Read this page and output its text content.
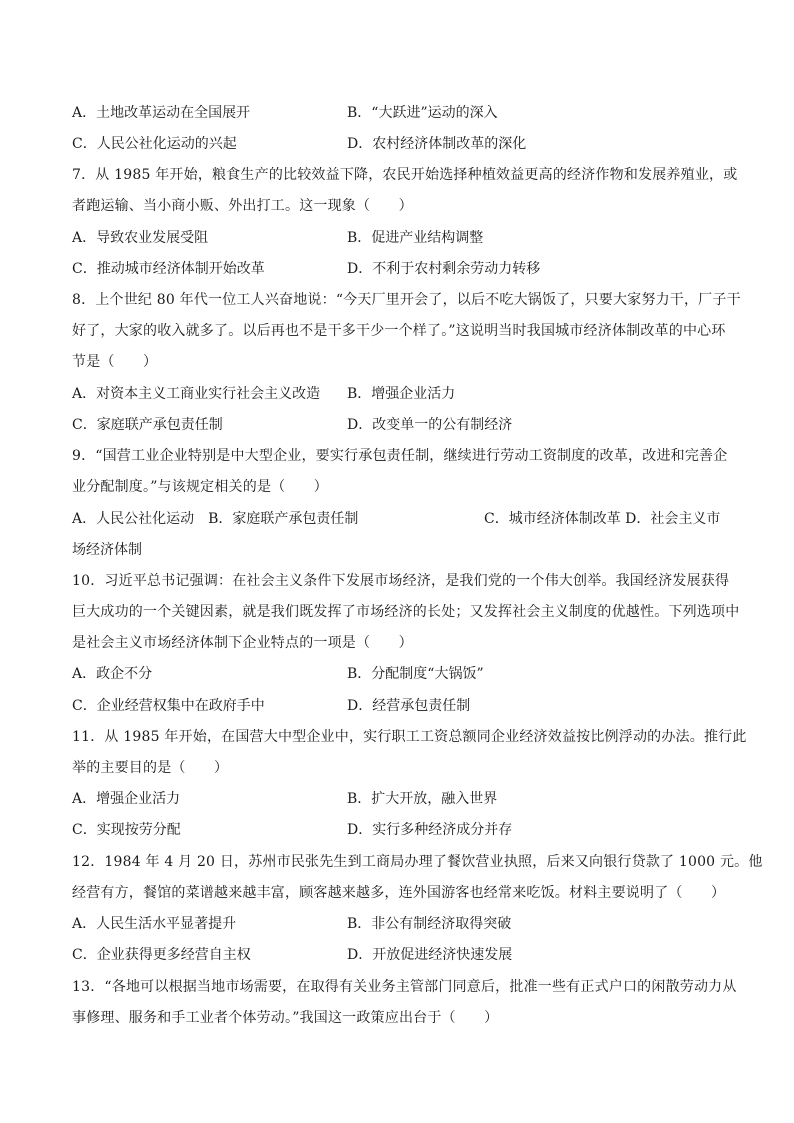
A．土地改革运动在全国展开	B．“大跃进”运动的深入
C．人民公社化运动的兴起	D．农村经济体制改革的深化
7．从 1985 年开始，粮食生产的比较效益下降，农民开始选择种植效益更高的经济作物和发展养殖业，或
者跑运输、当小商小贩、外出打工。这一现象（　　）
A．导致农业发展受阻	B．促进产业结构调整
C．推动城市经济体制开始改革	D．不利于农村剩余劳动力转移
8．上个世纪 80 年代一位工人兴奋地说：“今天厂里开会了，以后不吃大锅饭了，只要大家努力干，厂子干
好了，大家的收入就多了。以后再也不是干多干少一个样了。”这说明当时我国城市经济体制改革的中心环
节是（　　）
A．对资本主义工商业实行社会主义改造 B．增强企业活力
C．家庭联产承包责任制	D．改变单一的公有制经济
9．“国营工业企业特别是中大型企业，要实行承包责任制，继续进行劳动工资制度的改革，改进和完善企
业分配制度。”与该规定相关的是（　　）
A．人民公社化运动　B．家庭联产承包责任制	C．城市经济体制改革 D．社会主义市
场经济体制
10．习近平总书记强调：在社会主义条件下发展市场经济，是我们党的一个伟大创举。我国经济发展获得
巨大成功的一个关键因素，就是我们既发挥了市场经济的长处；又发挥社会主义制度的优越性。下列选项中
是社会主义市场经济体制下企业特点的一项是（　　）
A．政企不分	B．分配制度“大锅饭”
C．企业经营权集中在政府手中	D．经营承包责任制
11．从 1985 年开始，在国营大中型企业中，实行职工工资总额同企业经济效益按比例浮动的办法。推行此
举的主要目的是（　　）
A．增强企业活力	B．扩大开放，融入世界
C．实现按劳分配	D．实行多种经济成分并存
12．1984 年 4 月 20 日，苏州市民张先生到工商局办理了餐饮营业执照，后来又向银行贷款了 1000 元。他
经营有方，餐馆的菜谱越来越丰富，顾客越来越多，连外国游客也经常来吃饭。材料主要说明了（　　）
A．人民生活水平显著提升	B．非公有制经济取得突破
C．企业获得更多经营自主权	D．开放促进经济快速发展
13．“各地可以根据当地市场需要，在取得有关业务主管部门同意后，批准一些有正式户口的闲散劳动力从
事修理、服务和手工业者个体劳动。”我国这一政策应出台于（　　）
